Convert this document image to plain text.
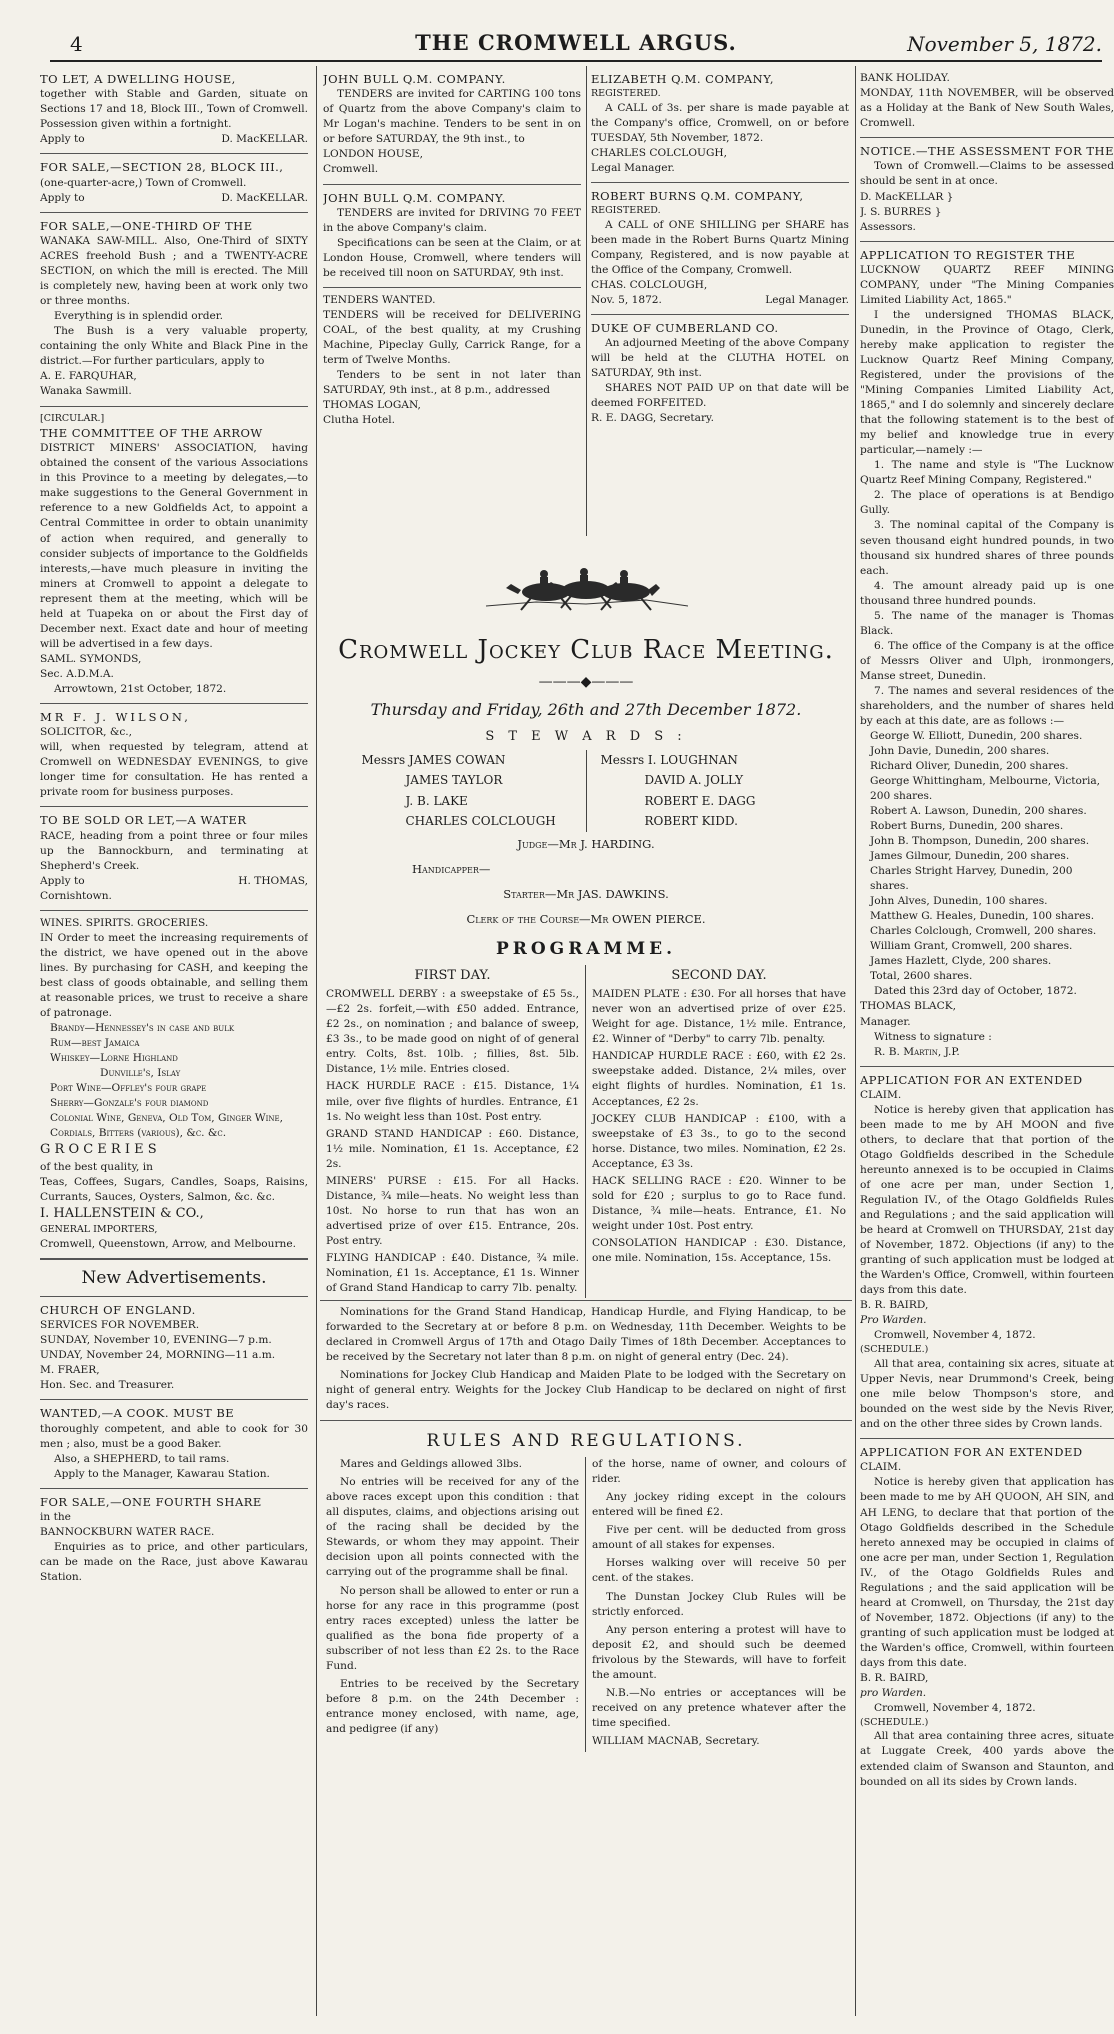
4	THE CROMWELL ARGUS.	November 5, 1872.

TO LET, A DWELLING HOUSE,

together with Stable and Garden, situate on Sections 17 and 18, Block III., Town of Cromwell. Possession given within a fortnight.

Apply to	D. MacKELLAR.

FOR SALE,—SECTION 28, BLOCK III.,

(one-quarter-acre,) Town of Cromwell.

Apply to	D. MacKELLAR.

FOR SALE,—ONE-THIRD OF THE

WANAKA SAW-MILL. Also, One-Third of SIXTY ACRES freehold Bush ; and a TWENTY-ACRE SECTION, on which the mill is erected. The Mill is completely new, having been at work only two or three months.

Everything is in splendid order.

The Bush is a very valuable property, containing the only White and Black Pine in the district.—For further particulars, apply to

A. E. FARQUHAR,

Wanaka Sawmill.

[CIRCULAR.]

THE COMMITTEE OF THE ARROW

DISTRICT MINERS' ASSOCIATION, having obtained the consent of the various Associations in this Province to a meeting by delegates,—to make suggestions to the General Government in reference to a new Goldfields Act, to appoint a Central Committee in order to obtain unanimity of action when required, and generally to consider subjects of importance to the Goldfields interests,—have much pleasure in inviting the miners at Cromwell to appoint a delegate to represent them at the meeting, which will be held at Tuapeka on or about the First day of December next. Exact date and hour of meeting will be advertised in a few days.

SAML. SYMONDS,

Sec. A.D.M.A.

Arrowtown, 21st October, 1872.

MR F. J. WILSON,

SOLICITOR, &c.,

will, when requested by telegram, attend at Cromwell on WEDNESDAY EVENINGS, to give longer time for consultation. He has rented a private room for business purposes.

TO BE SOLD OR LET,—A WATER

RACE, heading from a point three or four miles up the Bannockburn, and terminating at Shepherd's Creek.

Apply to	H. THOMAS,

Cornishtown.

WINES. SPIRITS. GROCERIES.

IN Order to meet the increasing requirements of the district, we have opened out in the above lines. By purchasing for CASH, and keeping the best class of goods obtainable, and selling them at reasonable prices, we trust to receive a share of patronage.

Brandy—Hennessey's in case and bulk
Rum—best Jamaica
Whiskey—Lorne Highland
Dunville's, Islay
Port Wine—Offley's four grape
Sherry—Gonzale's four diamond
Colonial Wine, Geneva, Old Tom, Ginger Wine, Cordials, Bitters (various), &c. &c.

G R O C E R I E S

of the best quality, in

Teas, Coffees, Sugars, Candles, Soaps, Raisins, Currants, Sauces, Oysters, Salmon, &c. &c.

I. HALLENSTEIN & CO.,

GENERAL IMPORTERS,

Cromwell, Queenstown, Arrow, and Melbourne.

New Advertisements.

CHURCH OF ENGLAND.

SERVICES FOR NOVEMBER.

SUNDAY, November 10, EVENING—7 p.m.

UNDAY, November 24, MORNING—11 a.m.

M. FRAER,

Hon. Sec. and Treasurer.

WANTED,—A COOK. MUST BE

thoroughly competent, and able to cook for 30 men ; also, must be a good Baker.

Also, a SHEPHERD, to tail rams.

Apply to the Manager, Kawarau Station.

FOR SALE,—ONE FOURTH SHARE

in the

BANNOCKBURN WATER RACE.

Enquiries as to price, and other particulars, can be made on the Race, just above Kawarau Station.

JOHN BULL Q.M. COMPANY.

TENDERS are invited for CARTING 100 tons of Quartz from the above Company's claim to Mr Logan's machine. Tenders to be sent in on or before SATURDAY, the 9th inst., to

LONDON HOUSE,

Cromwell.

JOHN BULL Q.M. COMPANY.

TENDERS are invited for DRIVING 70 FEET in the above Company's claim.

Specifications can be seen at the Claim, or at London House, Cromwell, where tenders will be received till noon on SATURDAY, 9th inst.

TENDERS WANTED.

TENDERS will be received for DELIVERING COAL, of the best quality, at my Crushing Machine, Pipeclay Gully, Carrick Range, for a term of Twelve Months.

Tenders to be sent in not later than SATURDAY, 9th inst., at 8 p.m., addressed

THOMAS LOGAN,

Clutha Hotel.

ELIZABETH Q.M. COMPANY,

REGISTERED.

A CALL of 3s. per share is made payable at the Company's office, Cromwell, on or before TUESDAY, 5th November, 1872.

CHARLES COLCLOUGH,

Legal Manager.

ROBERT BURNS Q.M. COMPANY,

REGISTERED.

A CALL of ONE SHILLING per SHARE has been made in the Robert Burns Quartz Mining Company, Registered, and is now payable at the Office of the Company, Cromwell.

CHAS. COLCLOUGH,

Nov. 5, 1872.	Legal Manager.

DUKE OF CUMBERLAND CO.

An adjourned Meeting of the above Company will be held at the CLUTHA HOTEL on SATURDAY, 9th inst.

SHARES NOT PAID UP on that date will be deemed FORFEITED.

R. E. DAGG, Secretary.

Cromwell Jockey Club Race Meeting.

———◆———

Thursday and Friday, 26th and 27th December 1872.
S T E W A R D S :
Messrs JAMES COWAN
JAMES TAYLOR
J. B. LAKE
CHARLES COLCLOUGH
Messrs I. LOUGHNAN
DAVID A. JOLLY
ROBERT E. DAGG
ROBERT KIDD.
Judge—Mr J. HARDING.
Handicapper—
Starter—Mr JAS. DAWKINS.
Clerk of the Course—Mr OWEN PIERCE.
PROGRAMME.
FIRST DAY.

CROMWELL DERBY : a sweepstake of £5 5s.,—£2 2s. forfeit,—with £50 added. Entrance, £2 2s., on nomination ; and balance of sweep, £3 3s., to be made good on night of of general entry. Colts, 8st. 10lb. ; fillies, 8st. 5lb. Distance, 1½ mile. Entries closed.

HACK HURDLE RACE : £15. Distance, 1¼ mile, over five flights of hurdles. Entrance, £1 1s. No weight less than 10st. Post entry.

GRAND STAND HANDICAP : £60. Distance, 1½ mile. Nomination, £1 1s. Acceptance, £2 2s.

MINERS' PURSE : £15. For all Hacks. Distance, ¾ mile—heats. No weight less than 10st. No horse to run that has won an advertised prize of over £15. Entrance, 20s. Post entry.

FLYING HANDICAP : £40. Distance, ¾ mile. Nomination, £1 1s. Acceptance, £1 1s. Winner of Grand Stand Handicap to carry 7lb. penalty.

SECOND DAY.

MAIDEN PLATE : £30. For all horses that have never won an advertised prize of over £25. Weight for age. Distance, 1½ mile. Entrance, £2. Winner of "Derby" to carry 7lb. penalty.

HANDICAP HURDLE RACE : £60, with £2 2s. sweepstake added. Distance, 2¼ miles, over eight flights of hurdles. Nomination, £1 1s. Acceptances, £2 2s.

JOCKEY CLUB HANDICAP : £100, with a sweepstake of £3 3s., to go to the second horse. Distance, two miles. Nomination, £2 2s. Acceptance, £3 3s.

HACK SELLING RACE : £20. Winner to be sold for £20 ; surplus to go to Race fund. Distance, ¾ mile—heats. Entrance, £1. No weight under 10st. Post entry.

CONSOLATION HANDICAP : £30. Distance, one mile. Nomination, 15s. Acceptance, 15s.

Nominations for the Grand Stand Handicap, Handicap Hurdle, and Flying Handicap, to be forwarded to the Secretary at or before 8 p.m. on Wednesday, 11th December. Weights to be declared in Cromwell Argus of 17th and Otago Daily Times of 18th December. Acceptances to be received by the Secretary not later than 8 p.m. on night of general entry (Dec. 24).

Nominations for Jockey Club Handicap and Maiden Plate to be lodged with the Secretary on night of general entry. Weights for the Jockey Club Handicap to be declared on night of first day's races.

RULES AND REGULATIONS.

Mares and Geldings allowed 3lbs.

No entries will be received for any of the above races except upon this condition : that all disputes, claims, and objections arising out of the racing shall be decided by the Stewards, or whom they may appoint. Their decision upon all points connected with the carrying out of the programme shall be final.

No person shall be allowed to enter or run a horse for any race in this programme (post entry races excepted) unless the latter be qualified as the bona fide property of a subscriber of not less than £2 2s. to the Race Fund.

Entries to be received by the Secretary before 8 p.m. on the 24th December : entrance money enclosed, with name, age, and pedigree (if any)

of the horse, name of owner, and colours of rider.

Any jockey riding except in the colours entered will be fined £2.

Five per cent. will be deducted from gross amount of all stakes for expenses.

Horses walking over will receive 50 per cent. of the stakes.

The Dunstan Jockey Club Rules will be strictly enforced.

Any person entering a protest will have to deposit £2, and should such be deemed frivolous by the Stewards, will have to forfeit the amount.

N.B.—No entries or acceptances will be received on any pretence whatever after the time specified.

WILLIAM MACNAB, Secretary.

BANK HOLIDAY.

MONDAY, 11th NOVEMBER, will be observed as a Holiday at the Bank of New South Wales, Cromwell.

NOTICE.—THE ASSESSMENT FOR THE

Town of Cromwell.—Claims to be assessed should be sent in at once.

D. MacKELLAR }

J. S. BURRES }

Assessors.

APPLICATION TO REGISTER THE

LUCKNOW QUARTZ REEF MINING COMPANY, under "The Mining Companies Limited Liability Act, 1865."

I the undersigned THOMAS BLACK, Dunedin, in the Province of Otago, Clerk, hereby make application to register the Lucknow Quartz Reef Mining Company, Registered, under the provisions of the "Mining Companies Limited Liability Act, 1865," and I do solemnly and sincerely declare that the following statement is to the best of my belief and knowledge true in every particular,—namely :—

1. The name and style is "The Lucknow Quartz Reef Mining Company, Registered."

2. The place of operations is at Bendigo Gully.

3. The nominal capital of the Company is seven thousand eight hundred pounds, in two thousand six hundred shares of three pounds each.

4. The amount already paid up is one thousand three hundred pounds.

5. The name of the manager is Thomas Black.

6. The office of the Company is at the office of Messrs Oliver and Ulph, ironmongers, Manse street, Dunedin.

7. The names and several residences of the shareholders, and the number of shares held by each at this date, are as follows :—

George W. Elliott, Dunedin, 200 shares.
John Davie, Dunedin, 200 shares.
Richard Oliver, Dunedin, 200 shares.
George Whittingham, Melbourne, Victoria, 200 shares.
Robert A. Lawson, Dunedin, 200 shares.
Robert Burns, Dunedin, 200 shares.
John B. Thompson, Dunedin, 200 shares.
James Gilmour, Dunedin, 200 shares.
Charles Stright Harvey, Dunedin, 200 shares.
John Alves, Dunedin, 100 shares.
Matthew G. Heales, Dunedin, 100 shares.
Charles Colclough, Cromwell, 200 shares.
William Grant, Cromwell, 200 shares.
James Hazlett, Clyde, 200 shares.
Total, 2600 shares.

Dated this 23rd day of October, 1872.

THOMAS BLACK,

Manager.

Witness to signature :

R. B. Martin, J.P.

APPLICATION FOR AN EXTENDED

CLAIM.

Notice is hereby given that application has been made to me by AH MOON and five others, to declare that that portion of the Otago Goldfields described in the Schedule hereunto annexed is to be occupied in Claims of one acre per man, under Section 1, Regulation IV., of the Otago Goldfields Rules and Regulations ; and the said application will be heard at Cromwell on THURSDAY, 21st day of November, 1872. Objections (if any) to the granting of such application must be lodged at the Warden's Office, Cromwell, within fourteen days from this date.

B. R. BAIRD,

Pro Warden.

Cromwell, November 4, 1872.

(SCHEDULE.)

All that area, containing six acres, situate at Upper Nevis, near Drummond's Creek, being one mile below Thompson's store, and bounded on the west side by the Nevis River, and on the other three sides by Crown lands.

APPLICATION FOR AN EXTENDED

CLAIM.

Notice is hereby given that application has been made to me by AH QUOON, AH SIN, and AH LENG, to declare that that portion of the Otago Goldfields described in the Schedule hereto annexed may be occupied in claims of one acre per man, under Section 1, Regulation IV., of the Otago Goldfields Rules and Regulations ; and the said application will be heard at Cromwell, on Thursday, the 21st day of November, 1872. Objections (if any) to the granting of such application must be lodged at the Warden's office, Cromwell, within fourteen days from this date.

B. R. BAIRD,

pro Warden.

Cromwell, November 4, 1872.

(SCHEDULE.)

All that area containing three acres, situate at Luggate Creek, 400 yards above the extended claim of Swanson and Staunton, and bounded on all its sides by Crown lands.
